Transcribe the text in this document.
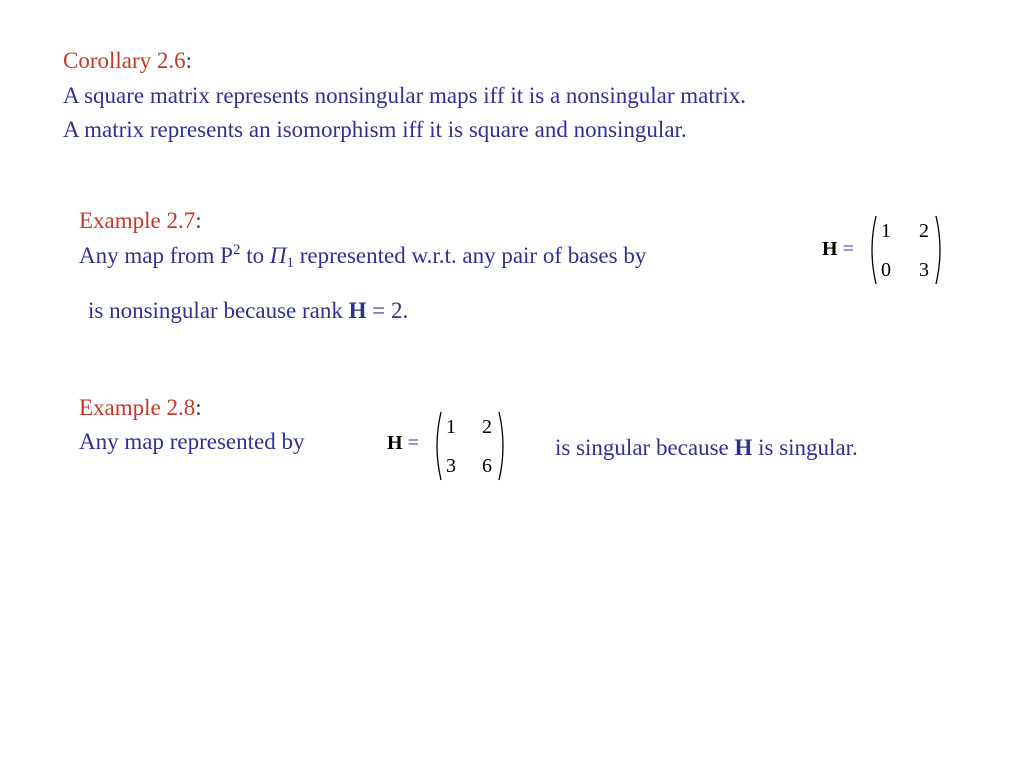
Corollary 2.6:
A square matrix represents nonsingular maps iff it is a nonsingular matrix.
A matrix represents an isomorphism iff it is square and nonsingular.
Example 2.7:
Any map from $P^2$ to $\Pi_1$ represented w.r.t. any pair of bases by	H =
1 2
0 3
is nonsingular because rank H = 2.
Example 2.8:
Any map represented by	H =
1 2
3 6
is singular because H is singular.
